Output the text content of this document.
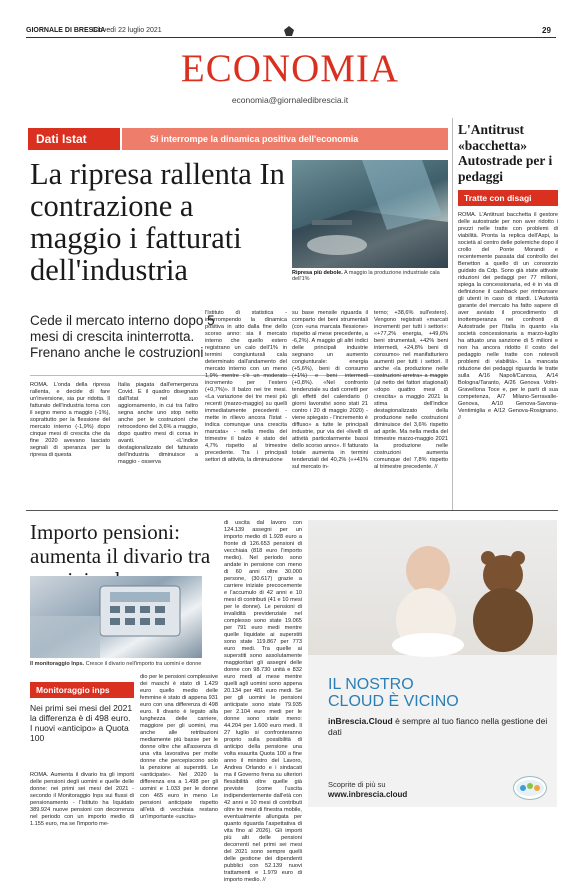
GIORNALE DI BRESCIA
Giovedì 22 luglio 2021	29
ECONOMIA
economia@giornaledibrescia.it
Dati Istat	Si interrompe la dinamica positiva dell'economia
La ripresa rallenta In contrazione a maggio i fatturati dell'industria	Ripresa più debole. A maggio la produzione industriale cala dell'1%
Cede il mercato interno dopo 5 mesi di crescita ininterrotta. Frenano anche le costruzioni
ROMA. L'onda della ripresa rallenta, e decide di fare un'inversione, sia pur ridotta. Il fatturato dell'industria torna con il segno meno a maggio (-1%), soprattutto per la flessione del mercato interno (-1,9%) dopo cinque mesi di crescita che da fine 2020 avevano lasciato segnali di speranza per la ripresa di questa
Italia piagata dall'emergenza Covid. E il quadro disegnato dall'Istat nel suo aggiornamento, in cui tra l'altro segna anche uno stop netto anche per le costruzioni che retrocedono del 3,6% a maggio, dopo quattro mesi di corsa in avanti. «L'indice destagionalizzato del fatturato dell'industria diminuisce a maggio - osserva
l'Istituto di statistica - interrompendo la dinamica positiva in atto dalla fine dello scorso anno: sia il mercato interno che quello estero registrano un calo dell'1% in termini congiunturali cala determinato dall'andamento del mercato interno con un meno 1,9% mentre c'è un moderato incremento per l'estero (+0,7%)». Il balzo nei tre mesi. «La variazione dei tre mesi più recenti (marzo-maggio) su quelli immediatamente precedenti - mette in rilievo ancora l'Istat - indica comunque una crescita marcata» - nella media del trimestre il balzo è stato del 4,7% rispetto al trimestre precedente. Tra i principali settori di attività, la diminuzione
su base mensile riguarda il comparto dei beni strumentali (con «una marcata flessione» rispetto al mese precedente, a -6,2%). A maggio gli altri indici delle principali industrie segnano un aumento congiunturale: energia (+5,6%), beni di consumo (+1%) e beni intermedi (+0,8%). «Nel confronto tendenziale su dati corretti per gli effetti del calendario (i giorni lavorativi sono stati 21 contro i 20 di maggio 2020) - viene spiegato - l'incremento è diffuso» a tutte le principali industrie, pur via dei «livelli di attività particolarmente bassi dello scorso anno». Il fatturato totale aumenta in termini tendenziali del 40,2% («+41% sul mercato in-
terno; +38,6% sull'estero). Vengono registrati «marcati incrementi per tutti i settori»: «+77,2% energia, +49,6% beni strumentali, +42% beni intermedi, +24,8% beni di consumo» nel manifatturiero aumenti per tutti i settori. Il anche «la produzione nelle costruzioni arretra» a maggio (al netto dei fattori stagionali) «dopo quattro mesi di crescita» a maggio 2021 la stima dell'indice destagionalizzato della produzione nelle costruzioni diminuisce del 3,6% rispetto ad aprile. Ma nella media del trimestre marzo-maggio 2021 la produzione nelle costruzioni aumenta comunque del 7,8% rispetto al trimestre precedente. //
L'Antitrust «bacchetta» Autostrade per i pedaggi
Tratte con disagi
ROMA. L'Antitrust bacchetta il gestore delle autostrade per non aver ridotto i prezzi nelle tratte con problemi di viabilità. Pronta la replica dell'Aspi, la società al centro delle polemiche dopo il crollo del Ponte Morandi e recentemente passata dal controllo dei Benetton a quello di un consorzio guidato da Cdp. Sono già state attivate riduzioni dei pedaggi per 77 milioni, spiega la concessionaria, ed è in via di definizione il cashback per rimborsare gli utenti in caso di ritardi. L'Autorità garante del mercato ha fatto sapere di aver avviato il procedimento di inottemperanza nei confronti di Autostrade per l'Italia in quanto «la società concessionaria a marzo-luglio ha attuato una sanzione di 5 milioni e non ha ancora ridotto il costo del pedaggio nelle tratte con notevoli problemi di viabilità». La mancata riduzione dei pedaggi riguarda le tratte sulla A/16 Napoli/Canosa, A/14 Bologna/Taranto, A/26 Genova Voltri-Gravellona Toce e, per le parti di sua competenza, A/7 Milano-Serravalle-Genova, A/10 Genova-Savona-Ventimiglia e A/12 Genova-Rosignano. //
Importo pensioni: aumenta il divario tra
Il monitoraggio Inps. Cresce il divario nell'importo tra uomini e donne
Monitoraggio inps
Nei primi sei mesi del 2021 la differenza è di 498 euro. I nuovi «anticipo» a Quota 100
ROMA. Aumenta il divario tra gli importi delle pensioni degli uomini e quelle delle donne: nei primi sei mesi del 2021 - secondo il Monitoraggio Inps sui flussi di pensionamento - l'Istituto ha liquidato 389.924 nuove pensioni con decorrenza nel periodo con un importo medio di 1.155 euro, ma se l'importo me-
dio per le pensioni complessive dei maschi è stato di 1.429 euro quello medio delle femmine è stato di appena 931 euro con una differenza di 498 euro. Il divario è legato alla lunghezza delle carriere, maggiore per gli uomini, ma anche alle retribuzioni mediamente più basse per le donne oltre che all'assenza di una vita lavorativa per molte donne che percepiscono solo la pensione ai superstiti. Le «anticipate». Nel 2020 la differenza era a 1.498 per gli uomini e 1.033 per le donne con 465 euro in meno Le pensioni anticipate rispetto all'età di vecchiaia restano un'importante «uscita»
di uscita dal lavoro con 124.139 assegni per un importo medio di 1.928 euro a fronte di 126.653 pensioni di vecchiaia (818 euro l'importo medio). Nel periodo sono andate in pensione con meno di 60 anni oltre 30.000 persone, (30.617) grazie a carriere iniziate precocemente e l'accumulo di 42 anni e 10 mesi di contributi (41 e 10 mesi per le donne). Le pensioni di invalidità previdenziale nel complesso sono state 19.065 per 791 euro medi mentre quelle liquidate ai superstiti sono state 119.867 per 773 euro medi. Tra quelle ai superstiti sono assolutamente maggioritari gli assegni delle donne con 98.730 unità e 832 euro medi al mese mentre quelli agli uomini sono appena 20.134 per 481 euro medi. Se per gli uomini le pensioni anticipate sono state 79.935 per 2.104 euro medi per le donne sono state meno: 44.204 per 1.600 euro medi. Il 27 luglio si confronteranno proprio sulla possibilità di anticipo della pensione una volta esaurita Quota 100 a fine anno il ministro del Lavoro, Andrea Orlando e i sindacati ma il Governo frena su ulteriori flessibilità oltre quelle già previste (come l'uscita indipendentemente dall'età con 42 anni e 10 mesi di contributi oltre tre mesi di finestra mobile, eventualmente allungata per quanto riguarda l'aspettativa di vita fino al 2026). Gli importi più alti delle pensioni decorrenti nel primi sei mesi del 2021 sono sempre quelli delle gestione dei dipendenti pubblici con 52.139 nuovi trattamenti e 1.979 euro di importo medio. //
IL NOSTRO
CLOUD È VICINO
inBrescia.Cloud è sempre al tuo fianco nella gestione dei dati
Scoprite di più su
www.inbrescia.cloud
